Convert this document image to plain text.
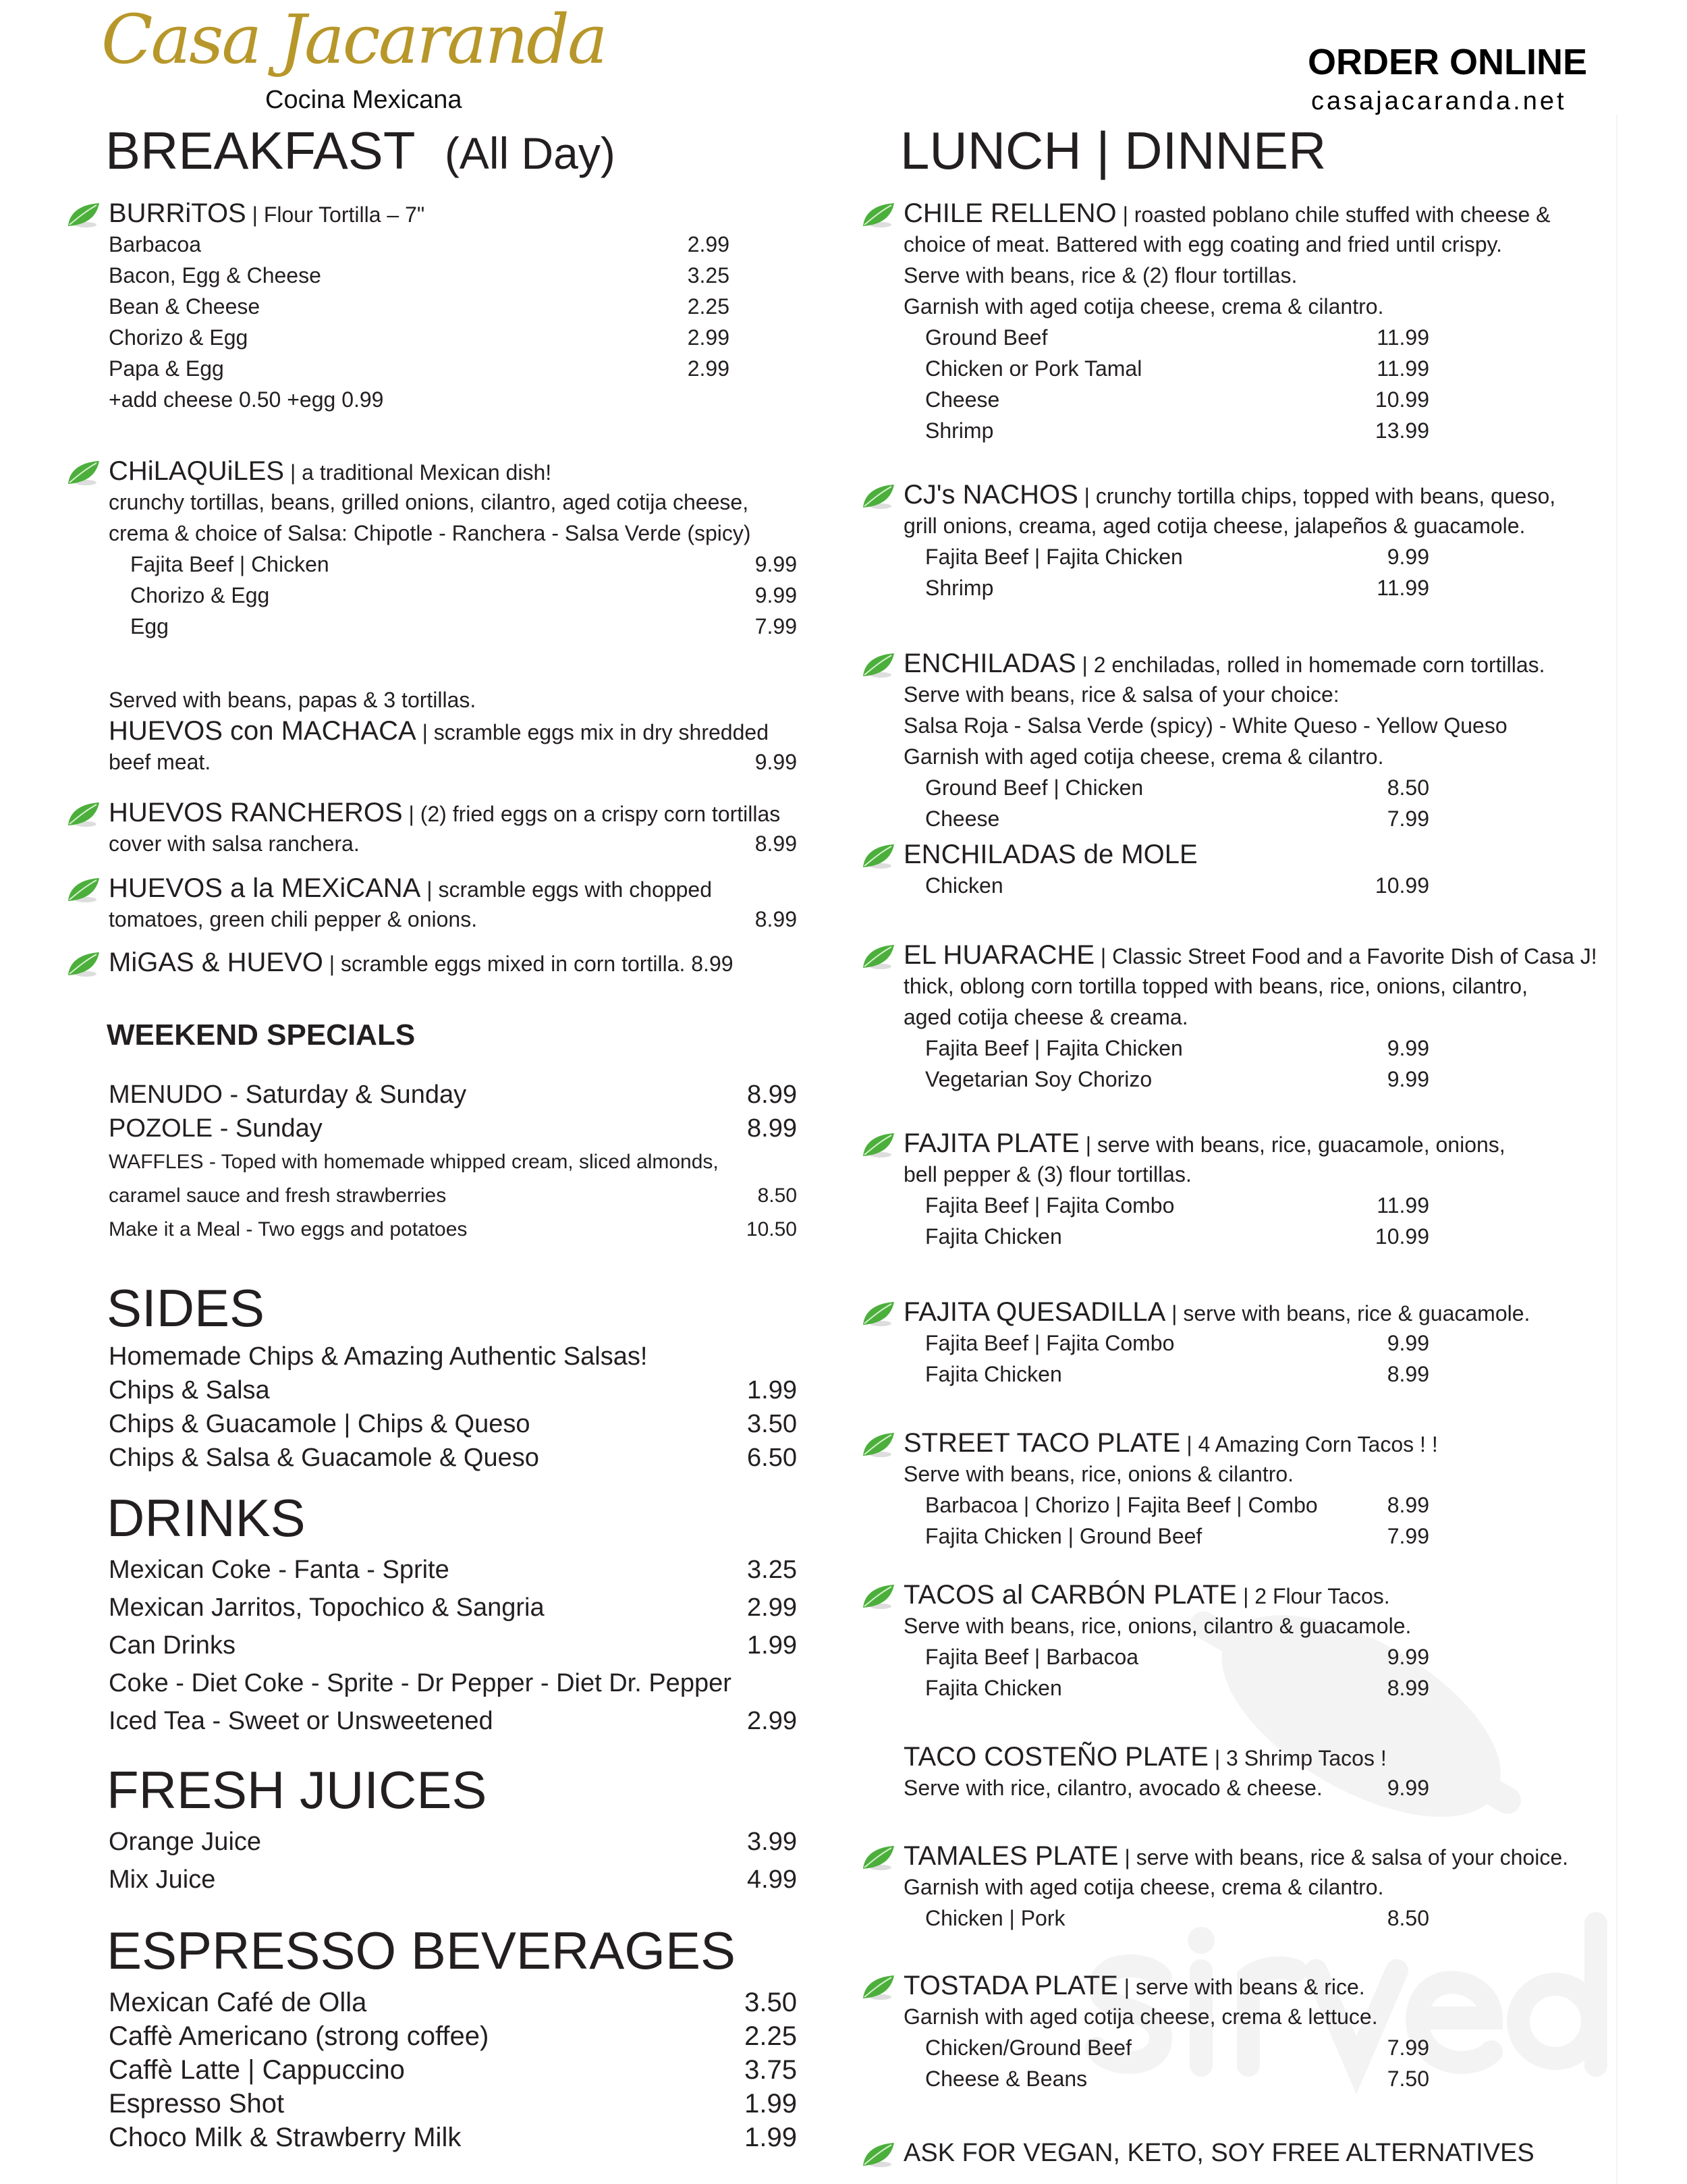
Casa Jacaranda
Cocina Mexicana
ORDER ONLINE
casajacaranda.net
BREAKFAST (All Day)
BURRiTOS | Flour Tortilla – 7"
Barbacoa	2.99
Bacon, Egg & Cheese	3.25
Bean & Cheese	2.25
Chorizo & Egg	2.99
Papa & Egg	2.99
+add cheese 0.50 +egg 0.99
CHiLAQUiLES | a traditional Mexican dish!
crunchy tortillas, beans, grilled onions, cilantro, aged cotija cheese,
crema & choice of Salsa: Chipotle - Ranchera - Salsa Verde (spicy)
Fajita Beef | Chicken	9.99
Chorizo & Egg	9.99
Egg	7.99
Served with beans, papas & 3 tortillas.
HUEVOS con MACHACA | scramble eggs mix in dry shredded
beef meat.	9.99
HUEVOS RANCHEROS | (2) fried eggs on a crispy corn tortillas
cover with salsa ranchera.	8.99
HUEVOS a la MEXiCANA | scramble eggs with chopped
tomatoes, green chili pepper & onions.	8.99
MiGAS & HUEVO | scramble eggs mixed in corn tortilla. 8.99
WEEKEND SPECIALS
MENUDO - Saturday & Sunday	8.99
POZOLE - Sunday	8.99
WAFFLES - Toped with homemade whipped cream, sliced almonds,
caramel sauce and fresh strawberries	8.50
Make it a Meal - Two eggs and potatoes	10.50
SIDES
Homemade Chips & Amazing Authentic Salsas!
Chips & Salsa	1.99
Chips & Guacamole | Chips & Queso	3.50
Chips & Salsa & Guacamole & Queso	6.50
DRINKS
Mexican Coke - Fanta - Sprite	3.25
Mexican Jarritos, Topochico & Sangria	2.99
Can Drinks	1.99
Coke - Diet Coke - Sprite - Dr Pepper - Diet Dr. Pepper
Iced Tea - Sweet or Unsweetened	2.99
FRESH JUICES
Orange Juice	3.99
Mix Juice	4.99
ESPRESSO BEVERAGES
Mexican Café de Olla	3.50
Caffè Americano (strong coffee)	2.25
Caffè Latte | Cappuccino	3.75
Espresso Shot	1.99
Choco Milk & Strawberry Milk	1.99
LUNCH | DINNER
CHILE RELLENO | roasted poblano chile stuffed with cheese &
choice of meat. Battered with egg coating and fried until crispy.
Serve with beans, rice & (2) flour tortillas.
Garnish with aged cotija cheese, crema & cilantro.
Ground Beef	11.99
Chicken or Pork Tamal	11.99
Cheese	10.99
Shrimp	13.99
CJ's NACHOS | crunchy tortilla chips, topped with beans, queso,
grill onions, creama, aged cotija cheese, jalapeños & guacamole.
Fajita Beef | Fajita Chicken	9.99
Shrimp	11.99
ENCHILADAS | 2 enchiladas, rolled in homemade corn tortillas.
Serve with beans, rice & salsa of your choice:
Salsa Roja - Salsa Verde (spicy) - White Queso - Yellow Queso
Garnish with aged cotija cheese, crema & cilantro.
Ground Beef | Chicken	8.50
Cheese	7.99
ENCHILADAS de MOLE
Chicken	10.99
EL HUARACHE | Classic Street Food and a Favorite Dish of Casa J!
thick, oblong corn tortilla topped with beans, rice, onions, cilantro,
aged cotija cheese & creama.
Fajita Beef | Fajita Chicken	9.99
Vegetarian Soy Chorizo	9.99
FAJITA PLATE | serve with beans, rice, guacamole, onions,
bell pepper & (3) flour tortillas.
Fajita Beef | Fajita Combo	11.99
Fajita Chicken	10.99
FAJITA QUESADILLA | serve with beans, rice & guacamole.
Fajita Beef | Fajita Combo	9.99
Fajita Chicken	8.99
STREET TACO PLATE | 4 Amazing Corn Tacos ! !
Serve with beans, rice, onions & cilantro.
Barbacoa | Chorizo | Fajita Beef | Combo	8.99
Fajita Chicken | Ground Beef	7.99
TACOS al CARBÓN PLATE | 2 Flour Tacos.
Serve with beans, rice, onions, cilantro & guacamole.
Fajita Beef | Barbacoa	9.99
Fajita Chicken	8.99
TACO COSTEÑO PLATE | 3 Shrimp Tacos !
Serve with rice, cilantro, avocado & cheese.	9.99
TAMALES PLATE | serve with beans, rice & salsa of your choice.
Garnish with aged cotija cheese, crema & cilantro.
Chicken | Pork	8.50
TOSTADA PLATE | serve with beans & rice.
Garnish with aged cotija cheese, crema & lettuce.
Chicken/Ground Beef	7.99
Cheese & Beans	7.50
ASK FOR VEGAN, KETO, SOY FREE ALTERNATIVES
